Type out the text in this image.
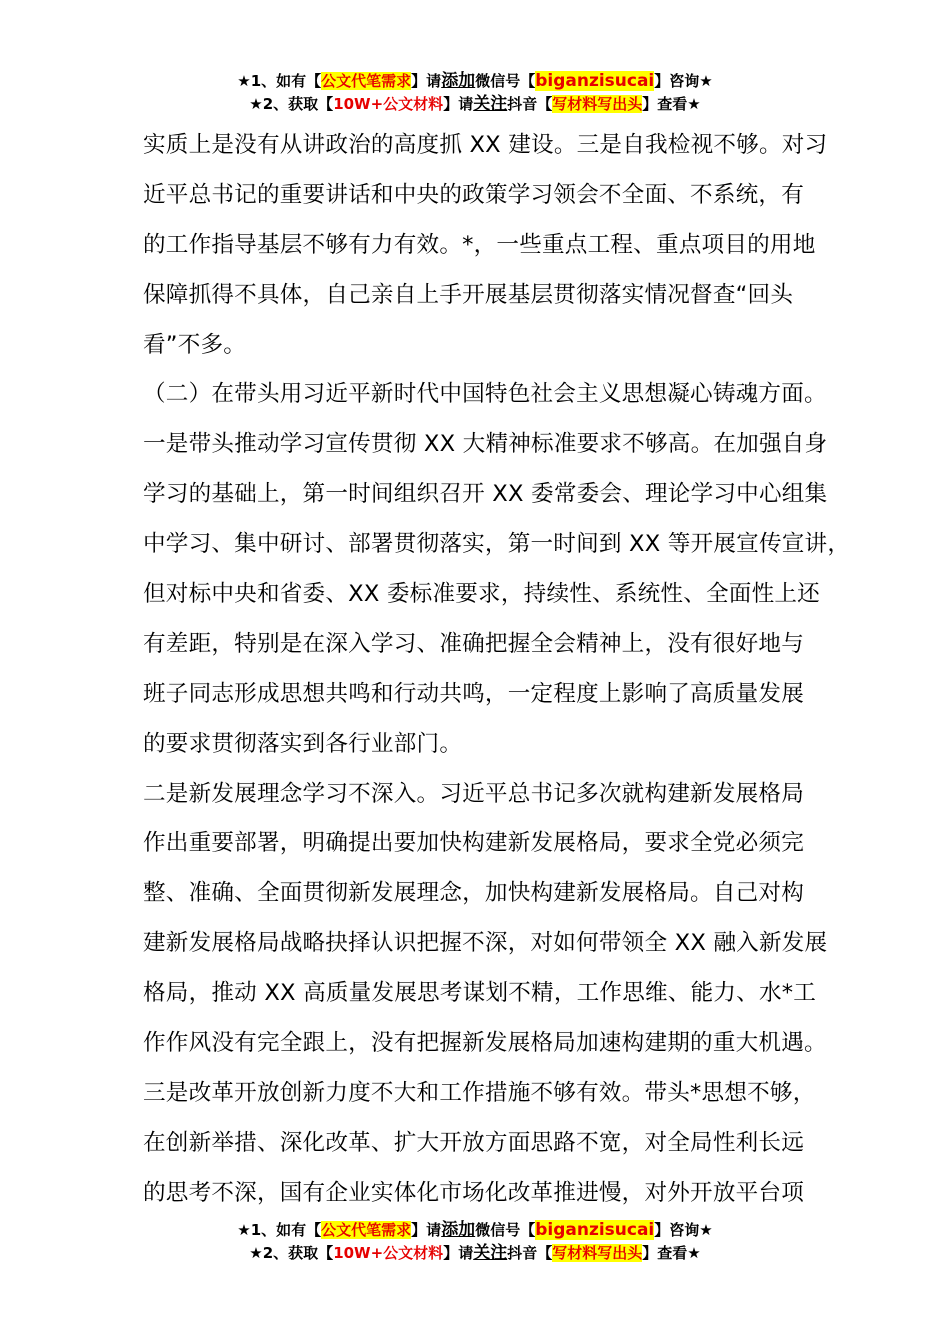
★1、如有【公文代笔需求】请添加微信号【biganzisucai】咨询★
★2、获取【10W+公文材料】请关注抖音【写材料写出头】查看★
实质上是没有从讲政治的高度抓 XX 建设。三是自我检视不够。对习
近平总书记的重要讲话和中央的政策学习领会不全面、不系统，有
的工作指导基层不够有力有效。*，一些重点工程、重点项目的用地
保障抓得不具体，自己亲自上手开展基层贯彻落实情况督查“回头
看”不多。
（二）在带头用习近平新时代中国特色社会主义思想凝心铸魂方面。
一是带头推动学习宣传贯彻 XX 大精神标准要求不够高。在加强自身
学习的基础上，第一时间组织召开 XX 委常委会、理论学习中心组集
中学习、集中研讨、部署贯彻落实，第一时间到 XX 等开展宣传宣讲，
但对标中央和省委、XX 委标准要求，持续性、系统性、全面性上还
有差距，特别是在深入学习、准确把握全会精神上，没有很好地与
班子同志形成思想共鸣和行动共鸣，一定程度上影响了高质量发展
的要求贯彻落实到各行业部门。
二是新发展理念学习不深入。习近平总书记多次就构建新发展格局
作出重要部署，明确提出要加快构建新发展格局，要求全党必须完
整、准确、全面贯彻新发展理念，加快构建新发展格局。自己对构
建新发展格局战略抉择认识把握不深，对如何带领全 XX 融入新发展
格局，推动 XX 高质量发展思考谋划不精，工作思维、能力、水*工
作作风没有完全跟上，没有把握新发展格局加速构建期的重大机遇。
三是改革开放创新力度不大和工作措施不够有效。带头*思想不够，
在创新举措、深化改革、扩大开放方面思路不宽，对全局性利长远
的思考不深，国有企业实体化市场化改革推进慢，对外开放平台项
★1、如有【公文代笔需求】请添加微信号【biganzisucai】咨询★
★2、获取【10W+公文材料】请关注抖音【写材料写出头】查看★
